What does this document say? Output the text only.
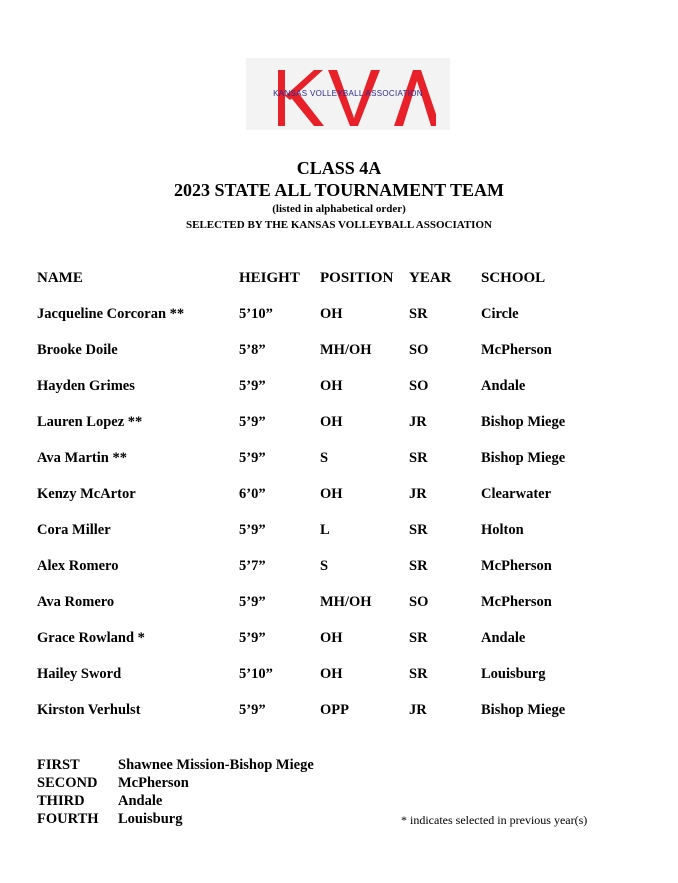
KANSAS VOLLEYBALL ASSOCIATION
CLASS 4A
2023 STATE ALL TOURNAMENT TEAM
(listed in alphabetical order)
SELECTED BY THE KANSAS VOLLEYBALL ASSOCIATION
NAME	HEIGHT POSITION YEAR SCHOOL
Jacqueline Corcoran **	5’10”	OH	SR	Circle
Brooke Doile	5’8”	MH/OH	SO	McPherson
Hayden Grimes	5’9”	OH	SO	Andale
Lauren Lopez **	5’9”	OH	JR	Bishop Miege
Ava Martin **	5’9”	S	SR	Bishop Miege
Kenzy McArtor	6’0”	OH	JR	Clearwater
Cora Miller	5’9”	L	SR	Holton
Alex Romero	5’7”	S	SR	McPherson
Ava Romero	5’9”	MH/OH	SO	McPherson
Grace Rowland *	5’9”	OH	SR	Andale
Hailey Sword	5’10”	OH	SR	Louisburg
Kirston Verhulst	5’9”	OPP	JR	Bishop Miege
FIRST	Shawnee Mission-Bishop Miege
SECOND McPherson
THIRD Andale
FOURTH Louisburg	* indicates selected in previous year(s)
